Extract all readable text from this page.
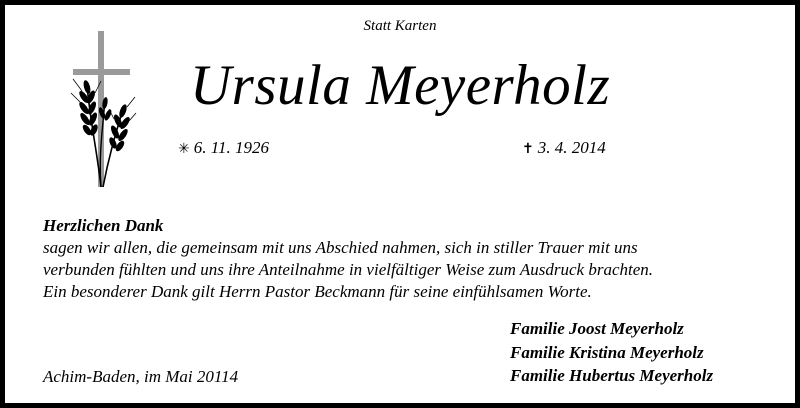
Statt Karten
Ursula Meyerholz
✳ 6. 11. 1926	✝ 3. 4. 2014
Herzlichen Dank
sagen wir allen, die gemeinsam mit uns Abschied nahmen, sich in stiller Trauer mit uns
verbunden fühlten und uns ihre Anteilnahme in vielfältiger Weise zum Ausdruck brachten.
Ein besonderer Dank gilt Herrn Pastor Beckmann für seine einfühlsamen Worte.
Achim-Baden, im Mai 20114
Familie Joost Meyerholz
Familie Kristina Meyerholz
Familie Hubertus Meyerholz
